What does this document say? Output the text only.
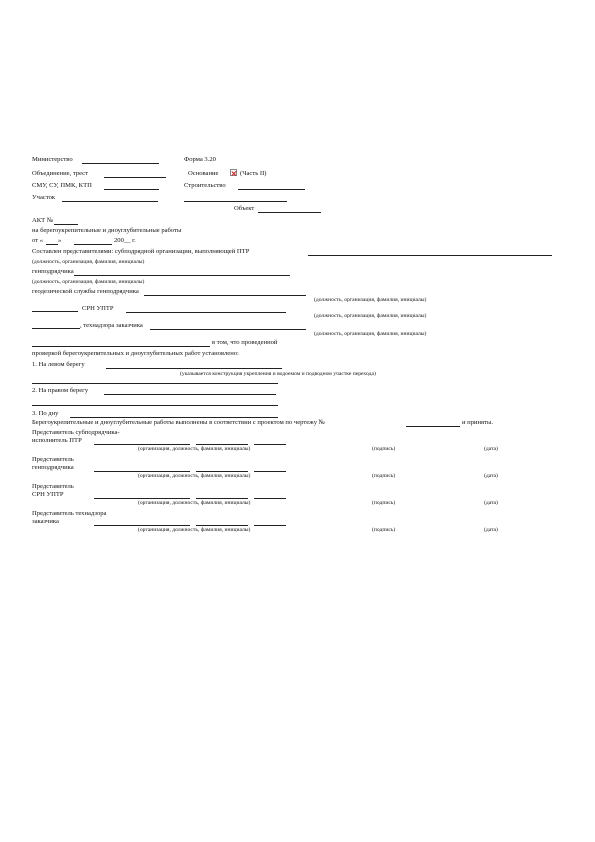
Министерство	Форма 3.20
Объединение, трест	Основание	(Часть II)
СМУ, СУ, ПМК, КТП	Строительство
Участок
Объект
АКТ №
на берегоукрепительные и дноуглубительные работы
от « »	200__ г.
Составлен представителями: субподрядной организации, выполняющей ПТР
(должность, организация, фамилия, инициалы)
генподрядчика
(должность, организация, фамилия, инициалы)
геодезической службы генподрядчика
(должность, организация, фамилия, инициалы)
СРН УПТР
(должность, организация, фамилия, инициалы)
, технадзора заказчика
(должность, организация, фамилия, инициалы)
в том, что проведенной
проверкой берегоукрепительных и дноуглубительных работ установлено:
1. На левом берегу
(указывается конструкция укрепления и водоемом и подводном участке перехода)
2. На правом берегу
3. По дну
Берегоукрепительные и дноуглубительные работы выполнены в соответствии с проектом по чертежу №	и приняты.
Представитель субподрядчика-
исполнитель ПТР
(организация, должность, фамилия, инициалы)	(подпись)	(дата)
Представитель
генподрядчика
(организация, должность, фамилия, инициалы)	(подпись)	(дата)
Представитель
СРН УПТР
(организация, должность, фамилия, инициалы)	(подпись)	(дата)
Представитель технадзора
заказчика
(организация, должность, фамилия, инициалы)	(подпись)	(дата)
